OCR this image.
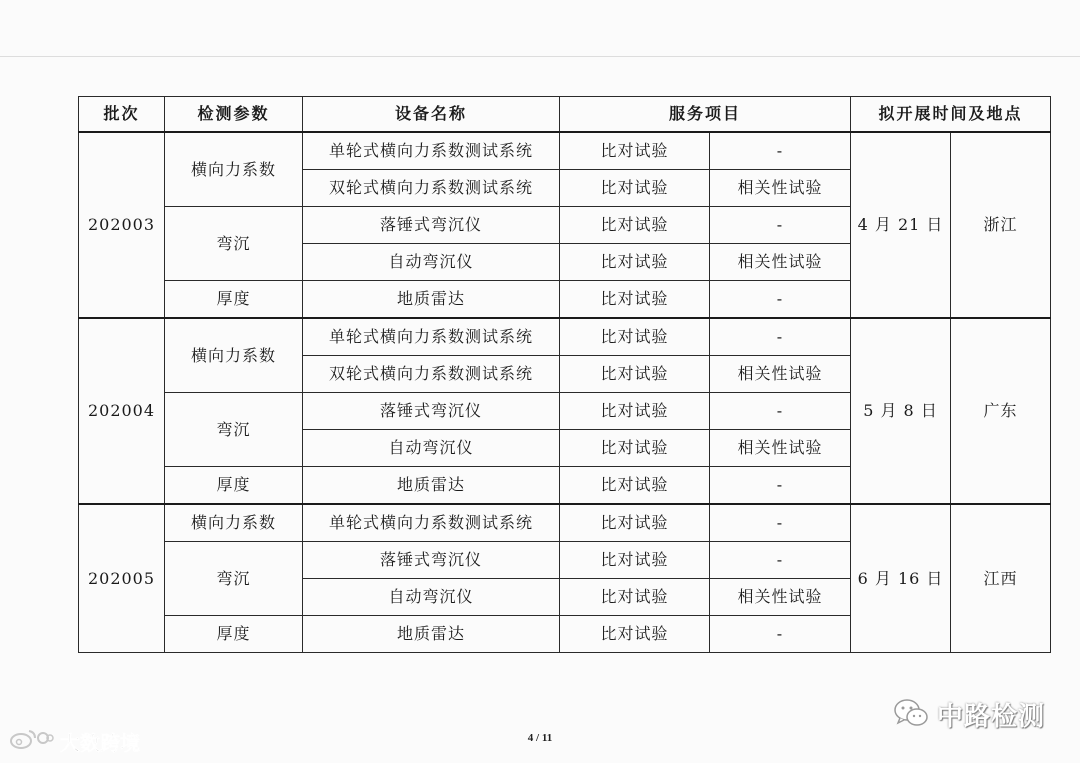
批次	检测参数	设备名称	服务项目		拟开展时间及地点	
202003	横向力系数	单轮式横向力系数测试系统	比对试验	-	4 月 21 日	浙江
		双轮式横向力系数测试系统	比对试验	相关性试验		
	弯沉	落锤式弯沉仪	比对试验	-		
		自动弯沉仪	比对试验	相关性试验		
	厚度	地质雷达	比对试验	-		
202004	横向力系数	单轮式横向力系数测试系统	比对试验	-	5 月 8 日	广东
		双轮式横向力系数测试系统	比对试验	相关性试验		
	弯沉	落锤式弯沉仪	比对试验	-		
		自动弯沉仪	比对试验	相关性试验		
	厚度	地质雷达	比对试验	-		
202005	横向力系数	单轮式横向力系数测试系统	比对试验	-	6 月 16 日	江西
	弯沉	落锤式弯沉仪	比对试验	-		
		自动弯沉仪	比对试验	相关性试验		
	厚度	地质雷达	比对试验	-		
4 / 11
大数跨境
中路检测
